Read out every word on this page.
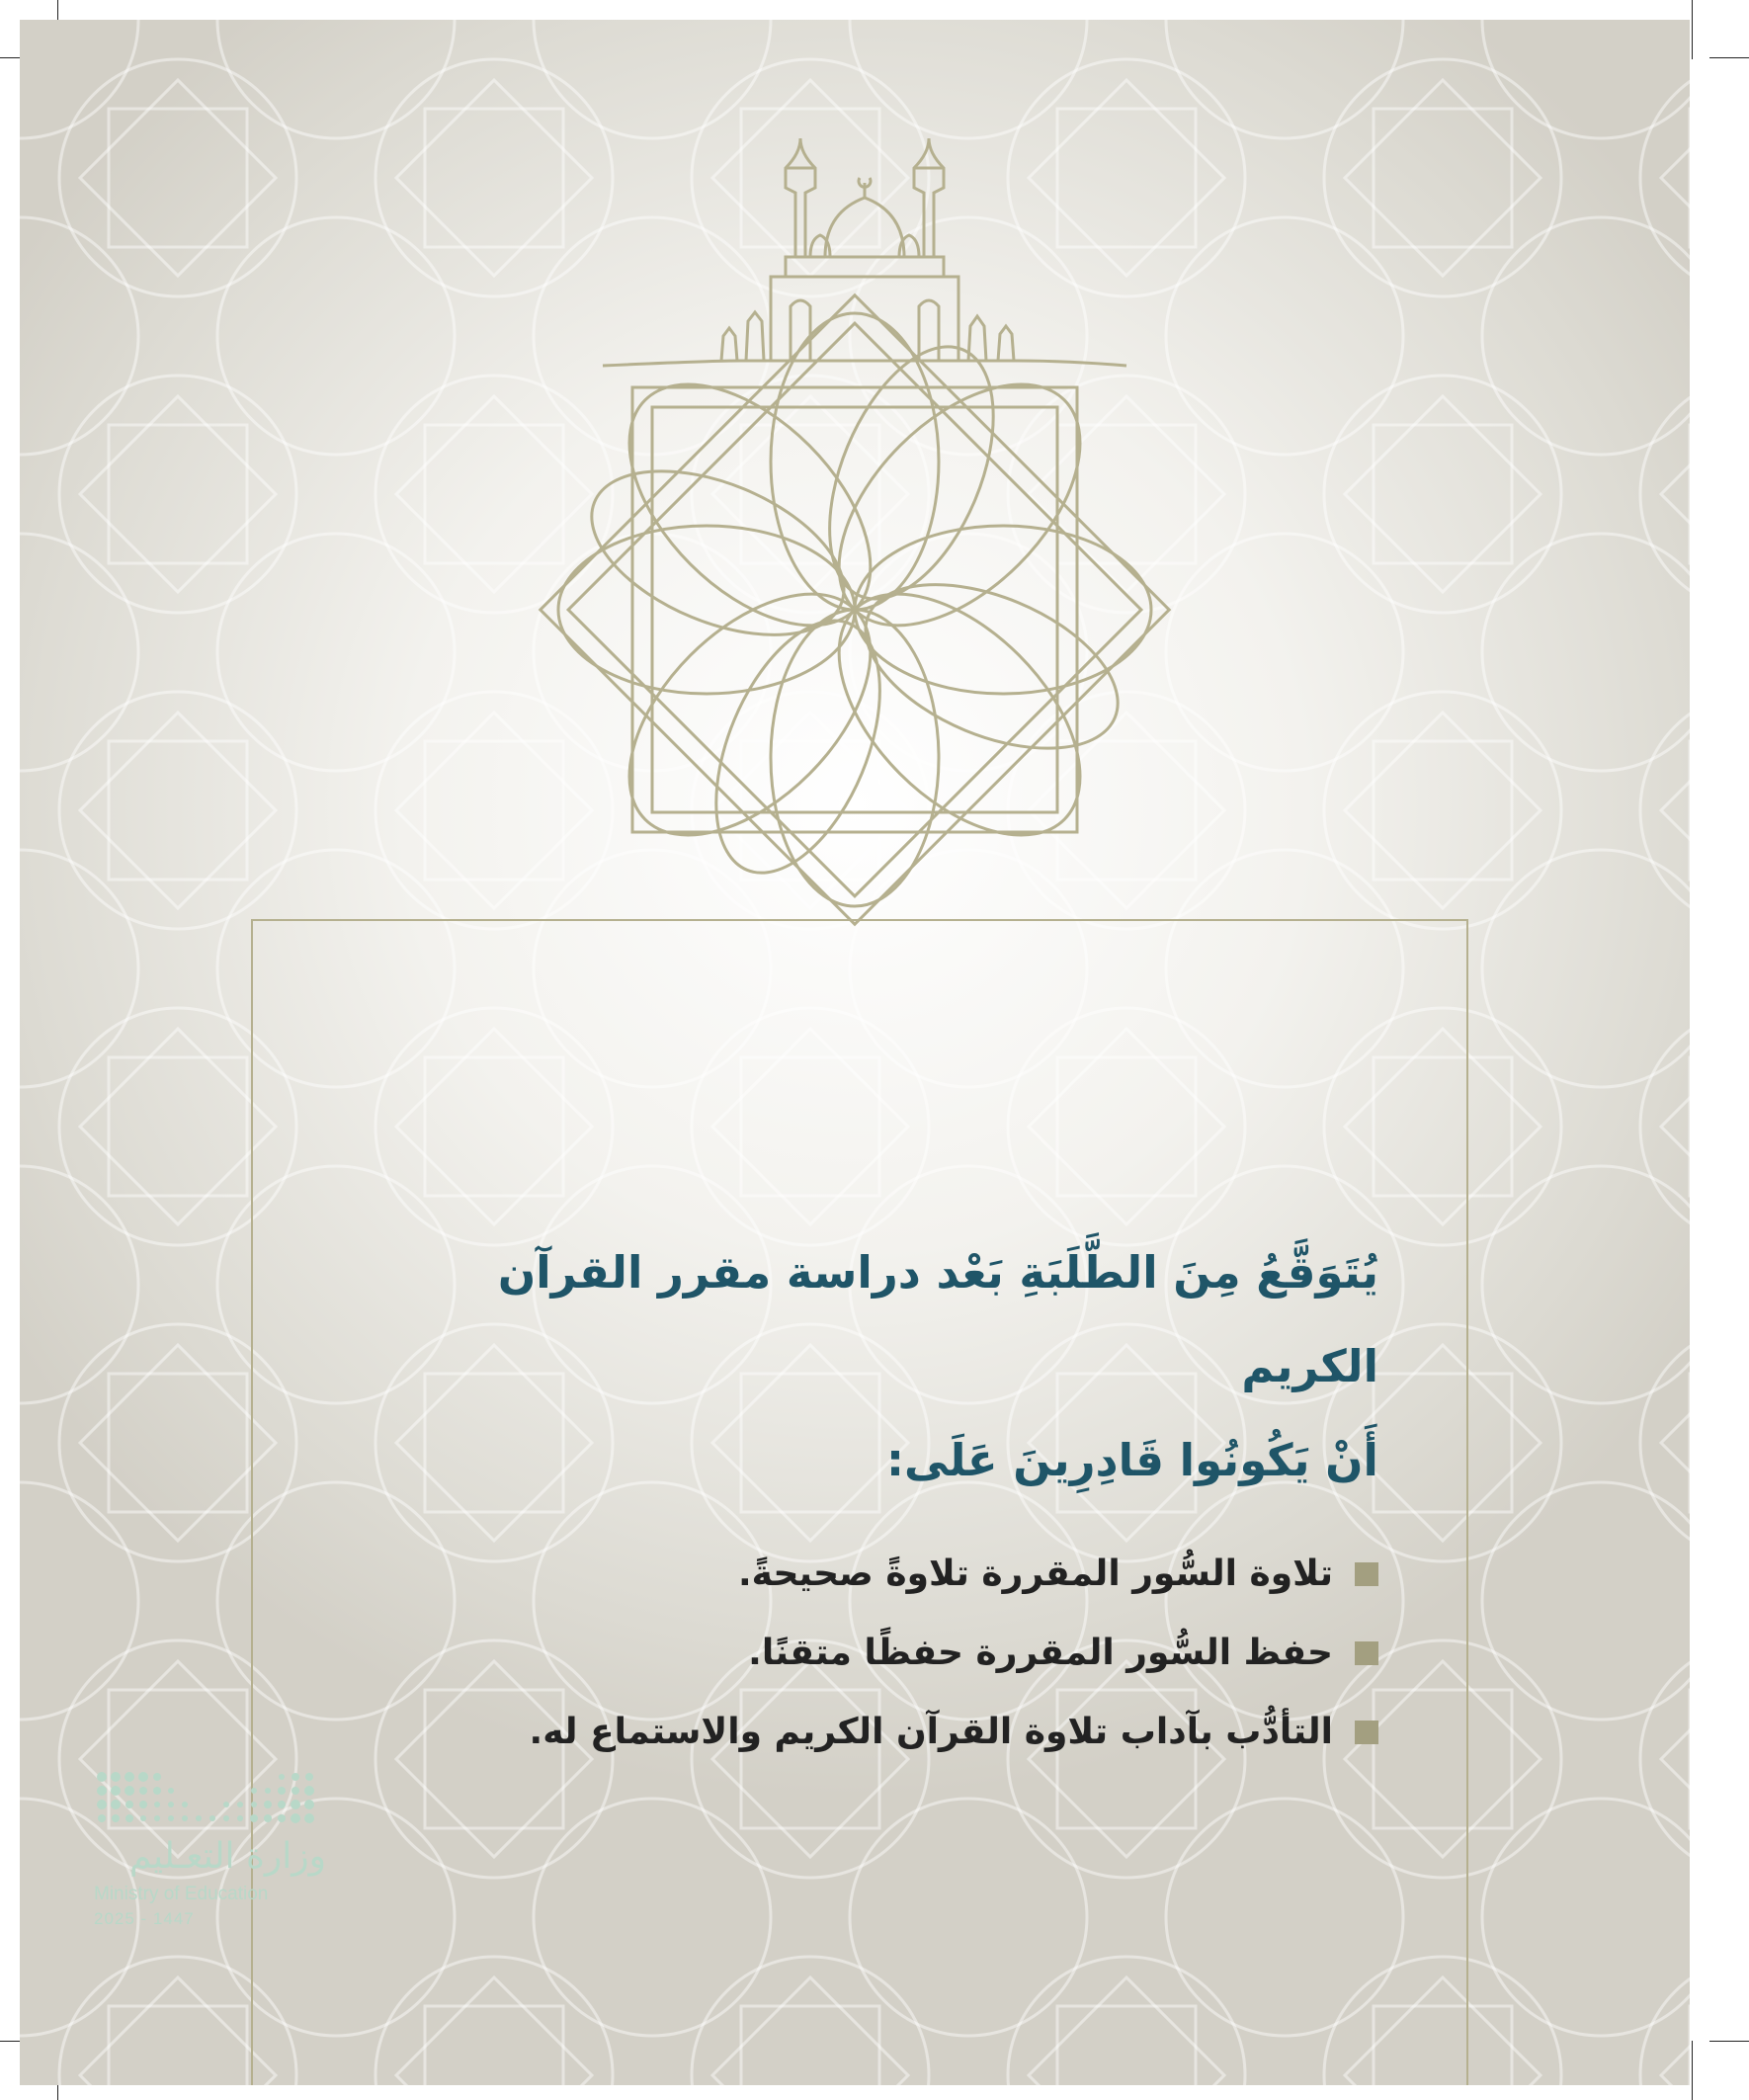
يُتَوَقَّعُ مِنَ الطَّلَبَةِ بَعْد دراسة مقرر القرآن الكريم

أَنْ يَكُونُوا قَادِرِينَ عَلَى:

تلاوة السُّور المقررة تلاوةً صحيحةً.
حفظ السُّور المقررة حفظًا متقنًا.
التأدُّب بآداب تلاوة القرآن الكريم والاستماع له.
وزارة التعـليم
Ministry of Education
2025 - 1447
